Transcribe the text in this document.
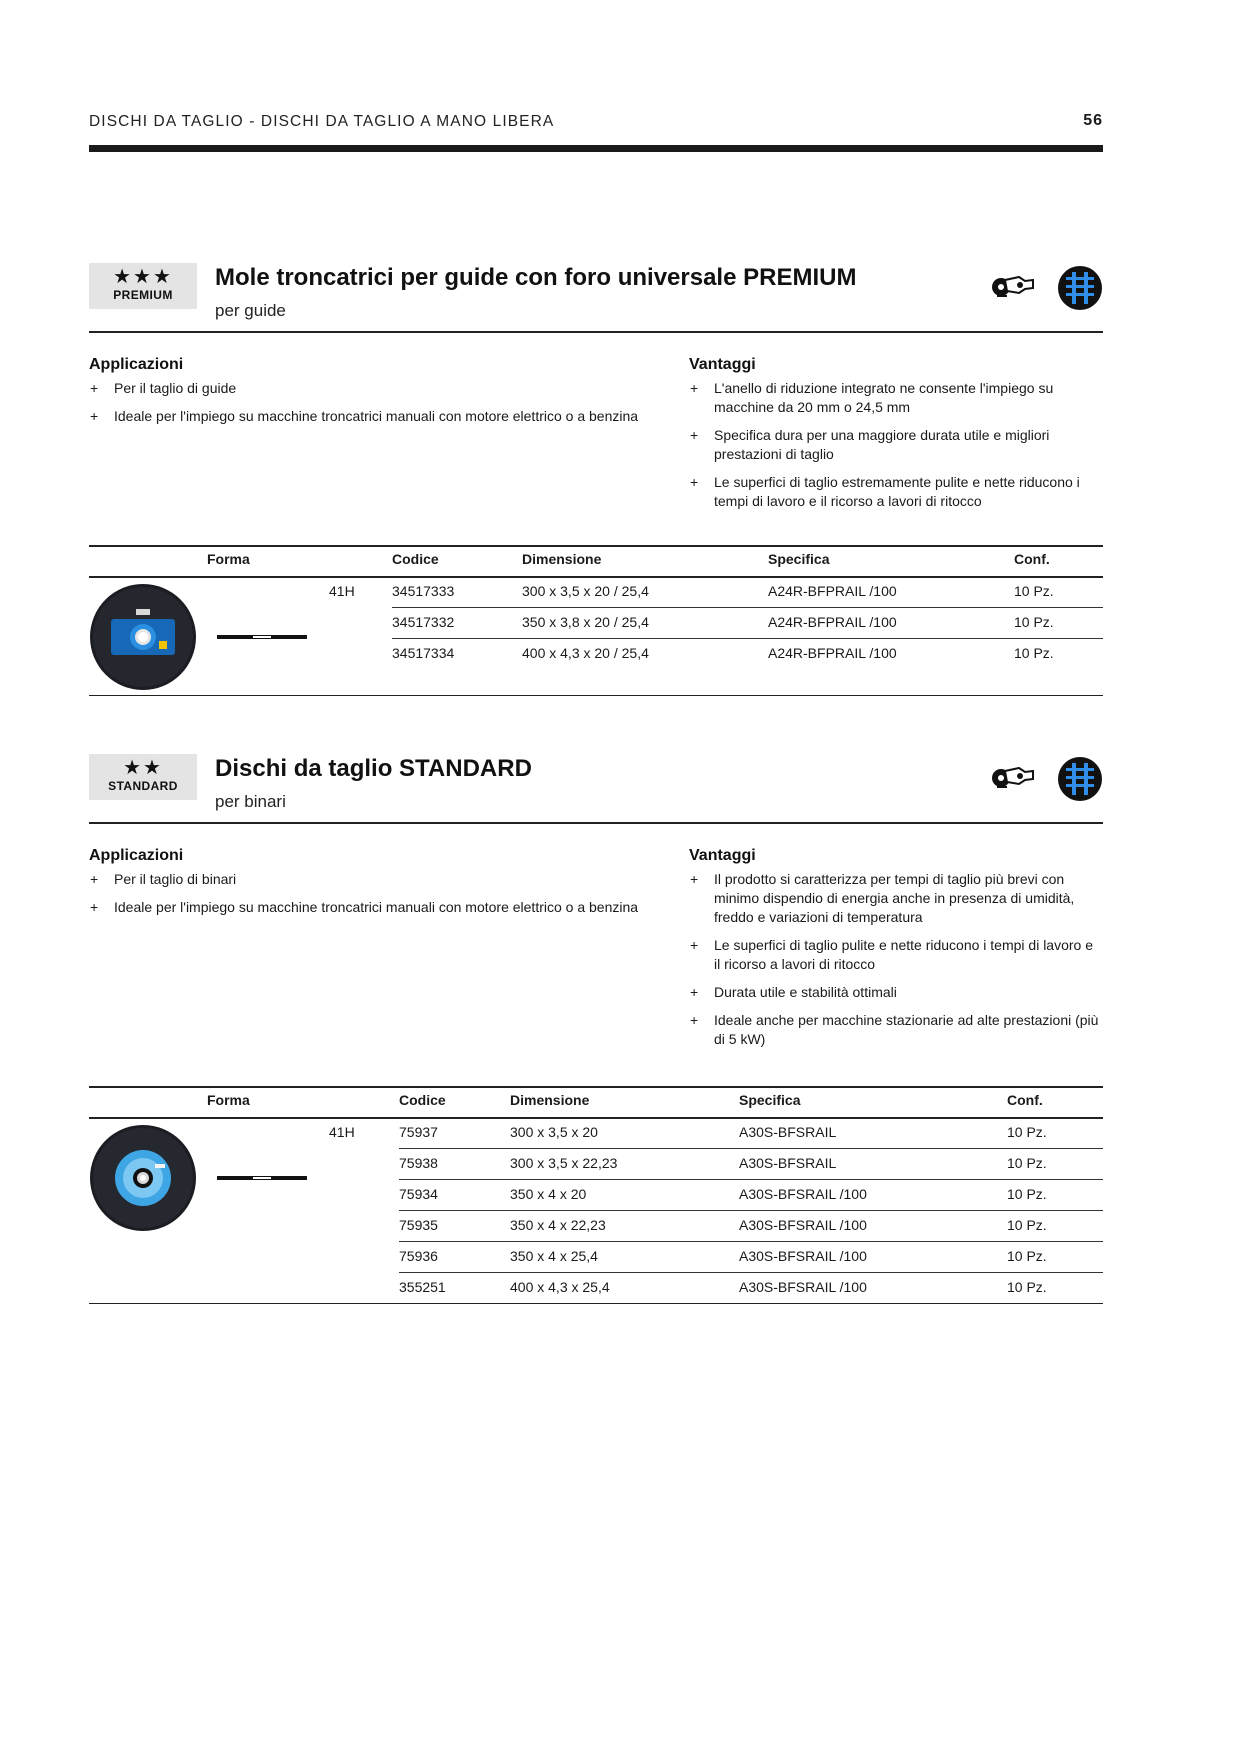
DISCHI DA TAGLIO - DISCHI DA TAGLIO A MANO LIBERA	56
★★★
PREMIUM
Mole troncatrici per guide con foro universale PREMIUM
per guide
Applicazioni
+ Per il taglio di guide
+ Ideale per l'impiego su macchine troncatrici manuali con motore elettrico o a benzina
Vantaggi
+ L'anello di riduzione integrato ne consente l'impiego su macchine da 20 mm o 24,5 mm
+ Specifica dura per una maggiore durata utile e migliori prestazioni di taglio
+ Le superfici di taglio estremamente pulite e nette riducono i tempi di lavoro e il ricorso a lavori di ritocco
Forma	Codice	Dimensione	Specifica	Conf.
41H	34517333	300 x 3,5 x 20 / 25,4	A24R-BFPRAIL /100	10 Pz.
34517332	350 x 3,8 x 20 / 25,4	A24R-BFPRAIL /100	10 Pz.
34517334	400 x 4,3 x 20 / 25,4	A24R-BFPRAIL /100	10 Pz.
★★
STANDARD
Dischi da taglio STANDARD
per binari
Applicazioni
+ Per il taglio di binari
+ Ideale per l'impiego su macchine troncatrici manuali con motore elettrico o a benzina
Vantaggi
+ Il prodotto si caratterizza per tempi di taglio più brevi con minimo dispendio di energia anche in presenza di umidità, freddo e variazioni di temperatura
+ Le superfici di taglio pulite e nette riducono i tempi di lavoro e il ricorso a lavori di ritocco
+ Durata utile e stabilità ottimali
+ Ideale anche per macchine stazionarie ad alte prestazioni (più di 5 kW)
Forma	Codice	Dimensione	Specifica	Conf.
41H	75937	300 x 3,5 x 20	A30S-BFSRAIL	10 Pz.
75938	300 x 3,5 x 22,23	A30S-BFSRAIL	10 Pz.
75934	350 x 4 x 20	A30S-BFSRAIL /100	10 Pz.
75935	350 x 4 x 22,23	A30S-BFSRAIL /100	10 Pz.
75936	350 x 4 x 25,4	A30S-BFSRAIL /100	10 Pz.
355251	400 x 4,3 x 25,4	A30S-BFSRAIL /100	10 Pz.
